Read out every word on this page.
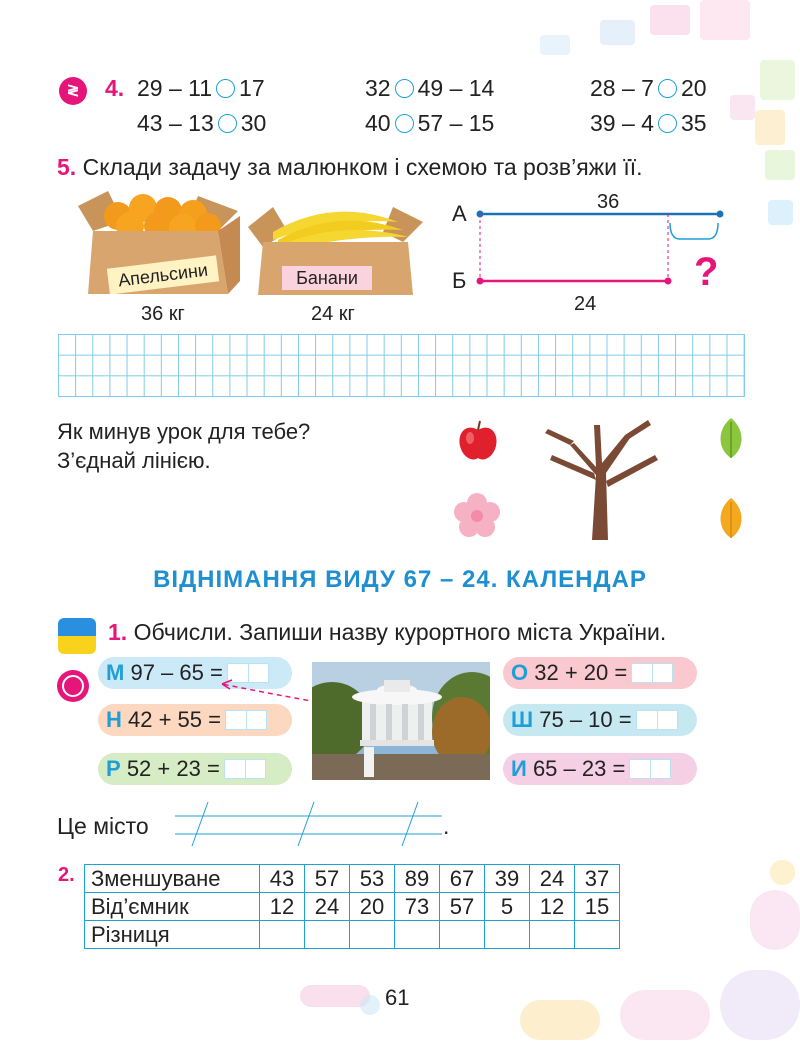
≷	4. 29 – 11 17	32 49 – 14	28 – 7 20
43 – 13 30	40 57 – 15	39 – 4 35
5. Склади задачу за малюнком і схемою та розв’яжи її.
Апельсини
36 кг
Банани
24 кг
А
Б
36
24
?
Як минув урок для тебе?
З’єднай лінією.
ВІДНІМАННЯ ВИДУ 67 – 24. КАЛЕНДАР
1. Обчисли. Запиши назву курортного міста України.
М 97 – 65 =
Н 42 + 55 =
Р 52 + 23 =
О 32 + 20 =
Ш 75 – 10 =
И 65 – 23 =
Це місто	.
2. Зменшуване	43	57	53	89	67	39	24	37
Від’ємник	12	24	20	73	57	5	12	15
Різниця								
61
